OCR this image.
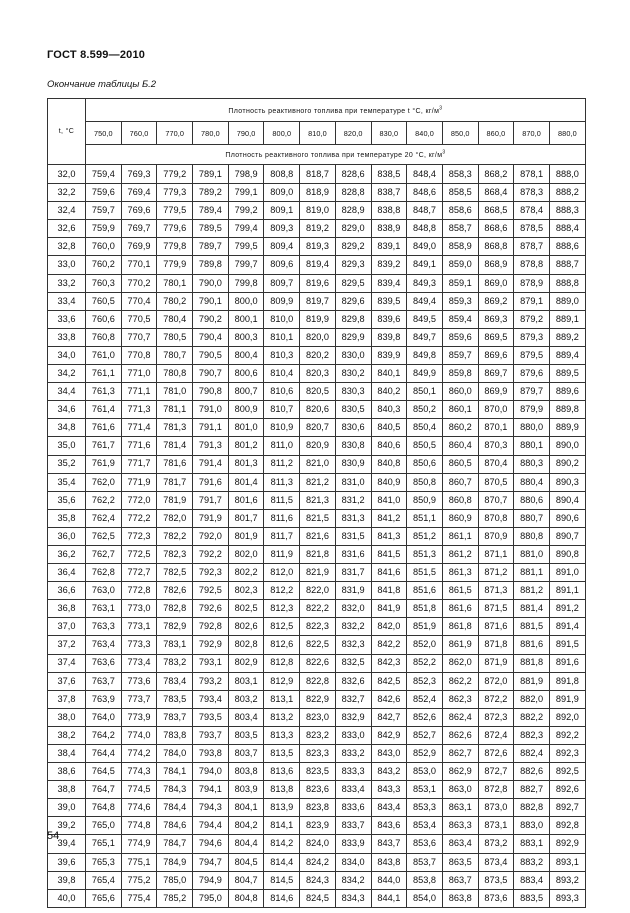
ГОСТ 8.599—2010
Окончание таблицы Б.2
t, °C	Плотность реактивного топлива при температуре t °C, $кг/м^3$
	750,0	760,0	770,0	780,0	790,0	800,0	810,0	820,0	830,0	840,0	850,0	860,0	870,0	880,0
	Плотность реактивного топлива при температуре 20 °C, $кг/м^3$
32,0	759,4	769,3	779,2	789,1	798,9	808,8	818,7	828,6	838,5	848,4	858,3	868,2	878,1	888,0
32,2	759,6	769,4	779,3	789,2	799,1	809,0	818,9	828,8	838,7	848,6	858,5	868,4	878,3	888,2
32,4	759,7	769,6	779,5	789,4	799,2	809,1	819,0	828,9	838,8	848,7	858,6	868,5	878,4	888,3
32,6	759,9	769,7	779,6	789,5	799,4	809,3	819,2	829,0	838,9	848,8	858,7	868,6	878,5	888,4
32,8	760,0	769,9	779,8	789,7	799,5	809,4	819,3	829,2	839,1	849,0	858,9	868,8	878,7	888,6
33,0	760,2	770,1	779,9	789,8	799,7	809,6	819,4	829,3	839,2	849,1	859,0	868,9	878,8	888,7
33,2	760,3	770,2	780,1	790,0	799,8	809,7	819,6	829,5	839,4	849,3	859,1	869,0	878,9	888,8
33,4	760,5	770,4	780,2	790,1	800,0	809,9	819,7	829,6	839,5	849,4	859,3	869,2	879,1	889,0
33,6	760,6	770,5	780,4	790,2	800,1	810,0	819,9	829,8	839,6	849,5	859,4	869,3	879,2	889,1
33,8	760,8	770,7	780,5	790,4	800,3	810,1	820,0	829,9	839,8	849,7	859,6	869,5	879,3	889,2
34,0	761,0	770,8	780,7	790,5	800,4	810,3	820,2	830,0	839,9	849,8	859,7	869,6	879,5	889,4
34,2	761,1	771,0	780,8	790,7	800,6	810,4	820,3	830,2	840,1	849,9	859,8	869,7	879,6	889,5
34,4	761,3	771,1	781,0	790,8	800,7	810,6	820,5	830,3	840,2	850,1	860,0	869,9	879,7	889,6
34,6	761,4	771,3	781,1	791,0	800,9	810,7	820,6	830,5	840,3	850,2	860,1	870,0	879,9	889,8
34,8	761,6	771,4	781,3	791,1	801,0	810,9	820,7	830,6	840,5	850,4	860,2	870,1	880,0	889,9
35,0	761,7	771,6	781,4	791,3	801,2	811,0	820,9	830,8	840,6	850,5	860,4	870,3	880,1	890,0
35,2	761,9	771,7	781,6	791,4	801,3	811,2	821,0	830,9	840,8	850,6	860,5	870,4	880,3	890,2
35,4	762,0	771,9	781,7	791,6	801,4	811,3	821,2	831,0	840,9	850,8	860,7	870,5	880,4	890,3
35,6	762,2	772,0	781,9	791,7	801,6	811,5	821,3	831,2	841,0	850,9	860,8	870,7	880,6	890,4
35,8	762,4	772,2	782,0	791,9	801,7	811,6	821,5	831,3	841,2	851,1	860,9	870,8	880,7	890,6
36,0	762,5	772,3	782,2	792,0	801,9	811,7	821,6	831,5	841,3	851,2	861,1	870,9	880,8	890,7
36,2	762,7	772,5	782,3	792,2	802,0	811,9	821,8	831,6	841,5	851,3	861,2	871,1	881,0	890,8
36,4	762,8	772,7	782,5	792,3	802,2	812,0	821,9	831,7	841,6	851,5	861,3	871,2	881,1	891,0
36,6	763,0	772,8	782,6	792,5	802,3	812,2	822,0	831,9	841,8	851,6	861,5	871,3	881,2	891,1
36,8	763,1	773,0	782,8	792,6	802,5	812,3	822,2	832,0	841,9	851,8	861,6	871,5	881,4	891,2
37,0	763,3	773,1	782,9	792,8	802,6	812,5	822,3	832,2	842,0	851,9	861,8	871,6	881,5	891,4
37,2	763,4	773,3	783,1	792,9	802,8	812,6	822,5	832,3	842,2	852,0	861,9	871,8	881,6	891,5
37,4	763,6	773,4	783,2	793,1	802,9	812,8	822,6	832,5	842,3	852,2	862,0	871,9	881,8	891,6
37,6	763,7	773,6	783,4	793,2	803,1	812,9	822,8	832,6	842,5	852,3	862,2	872,0	881,9	891,8
37,8	763,9	773,7	783,5	793,4	803,2	813,1	822,9	832,7	842,6	852,4	862,3	872,2	882,0	891,9
38,0	764,0	773,9	783,7	793,5	803,4	813,2	823,0	832,9	842,7	852,6	862,4	872,3	882,2	892,0
38,2	764,2	774,0	783,8	793,7	803,5	813,3	823,2	833,0	842,9	852,7	862,6	872,4	882,3	892,2
38,4	764,4	774,2	784,0	793,8	803,7	813,5	823,3	833,2	843,0	852,9	862,7	872,6	882,4	892,3
38,6	764,5	774,3	784,1	794,0	803,8	813,6	823,5	833,3	843,2	853,0	862,9	872,7	882,6	892,5
38,8	764,7	774,5	784,3	794,1	803,9	813,8	823,6	833,4	843,3	853,1	863,0	872,8	882,7	892,6
39,0	764,8	774,6	784,4	794,3	804,1	813,9	823,8	833,6	843,4	853,3	863,1	873,0	882,8	892,7
39,2	765,0	774,8	784,6	794,4	804,2	814,1	823,9	833,7	843,6	853,4	863,3	873,1	883,0	892,8
39,4	765,1	774,9	784,7	794,6	804,4	814,2	824,0	833,9	843,7	853,6	863,4	873,2	883,1	892,9
39,6	765,3	775,1	784,9	794,7	804,5	814,4	824,2	834,0	843,8	853,7	863,5	873,4	883,2	893,1
39,8	765,4	775,2	785,0	794,9	804,7	814,5	824,3	834,2	844,0	853,8	863,7	873,5	883,4	893,2
40,0	765,6	775,4	785,2	795,0	804,8	814,6	824,5	834,3	844,1	854,0	863,8	873,6	883,5	893,3
54
